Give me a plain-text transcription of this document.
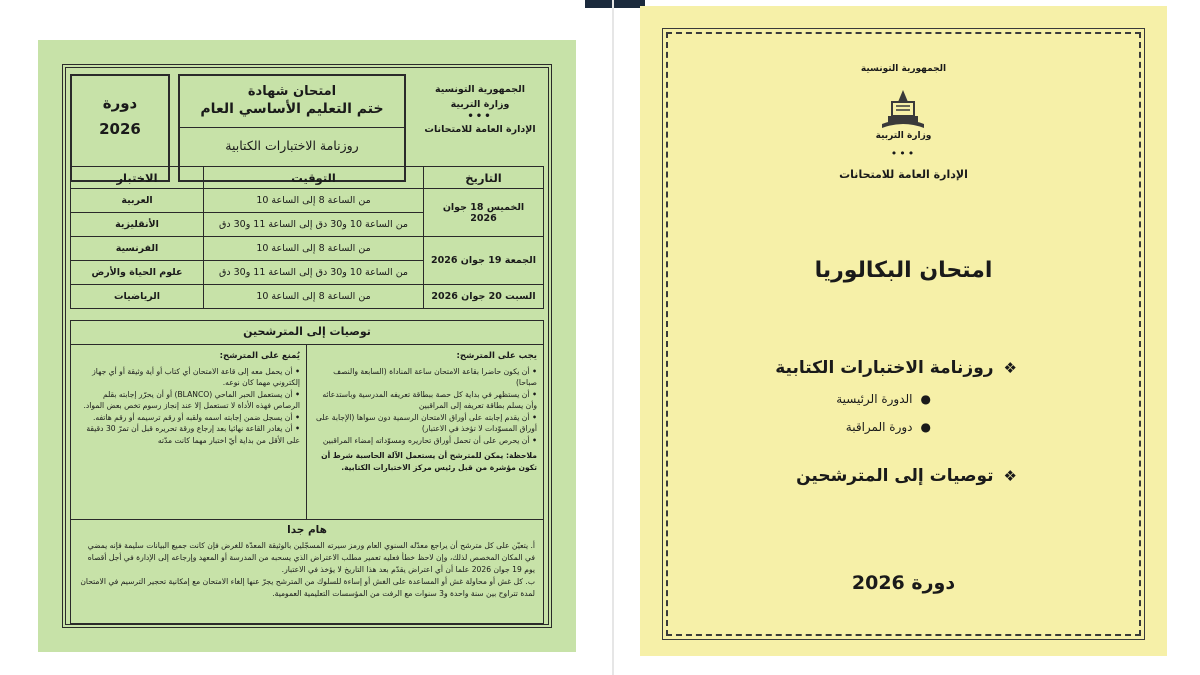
الجمهورية التونسية
وزارة التربية
•••
الإدارة العامة للامتحانات
امتحان شهادة
ختم التعليم الأساسي العام
روزنامة الاختبارات الكتابية
دورة
2026
التاريخ	التوقيت	الاختبار
الخميس 18 جوان 2026	من الساعة 8 إلى الساعة 10	العربية
	من الساعة 10 و30 دق إلى الساعة 11 و30 دق	الأنقليزية
الجمعة 19 جوان 2026	من الساعة 8 إلى الساعة 10	الفرنسية
	من الساعة 10 و30 دق إلى الساعة 11 و30 دق	علوم الحياة والأرض
السبت 20 جوان 2026	من الساعة 8 إلى الساعة 10	الرياضيات
توصيات إلى المترشحين
يجب على المترشح:
• أن يكون حاضرا بقاعة الامتحان ساعة المناداة (السابعة والنصف صباحا)
• أن يستظهر في بداية كل حصة ببطاقة تعريفه المدرسية وباستدعائه وأن يسلم بطاقة تعريفه إلى المراقبين
• أن يقدم إجابته على أوراق الامتحان الرسمية دون سواها (الإجابة على أوراق المسوّدات لا تؤخذ في الاعتبار)
• أن يحرص على أن تحمل أوراق تحاريره ومسوّداته إمضاء المراقبين
ملاحظة: يمكن للمترشح أن يستعمل الآلة الحاسبة شرط أن تكون مؤشرة من قبل رئيس مركز الاختبارات الكتابية.
يُمنع على المترشح:
• أن يحمل معه إلى قاعة الامتحان أي كتاب أو أية وثيقة أو أي جهاز إلكتروني مهما كان نوعه.
• أن يستعمل الحبر الماحي (BLANCO) أو أن يحرّر إجابته بقلم الرصاص فهذه الأداة لا تستعمل إلا عند إنجاز رسوم تخص بعض المواد.
• أن يسجل ضمن إجابته اسمه ولقبه أو رقم ترسيمه أو رقم هاتفه.
• أن يغادر القاعة نهائيا بعد إرجاع ورقة تحريره قبل أن تمرّ 30 دقيقة على الأقل من بداية أيّ اختبار مهما كانت مدّته
هام جدا

أ. يتعيّن على كل مترشح أن يراجع معدّله السنوي العام ورمز سيرته المسجّلين بالوثيقة المعدّة للغرض فإن كانت جميع البيانات سليمة فإنه يمضي في المكان المخصص لذلك، وإن لاحظ خطأ فعليه تعمير مطلب الاعتراض الذي يسحبه من المدرسة أو المعهد وإرجاعه إلى الإدارة في أجل أقصاه يوم 19 جوان 2026 علما أن أي اعتراض يقدّم بعد هذا التاريخ لا يؤخذ في الاعتبار.

ب. كل غش أو محاولة غش أو المساعدة على الغش أو إساءة للسلوك من المترشح يجرّ عنها إلغاء الامتحان مع إمكانية تحجير الترسيم في الامتحان لمدة تتراوح بين سنة واحدة و3 سنوات مع الرفت من المؤسسات التعليمية العمومية.

الجمهورية التونسية
وزارة التربية
•••
الإدارة العامة للامتحانات
امتحان البكالوريا
❖
روزنامة الاختبارات الكتابية
●
الدورة الرئيسية
●
دورة المراقبة
❖
توصيات إلى المترشحين
دورة 2026
